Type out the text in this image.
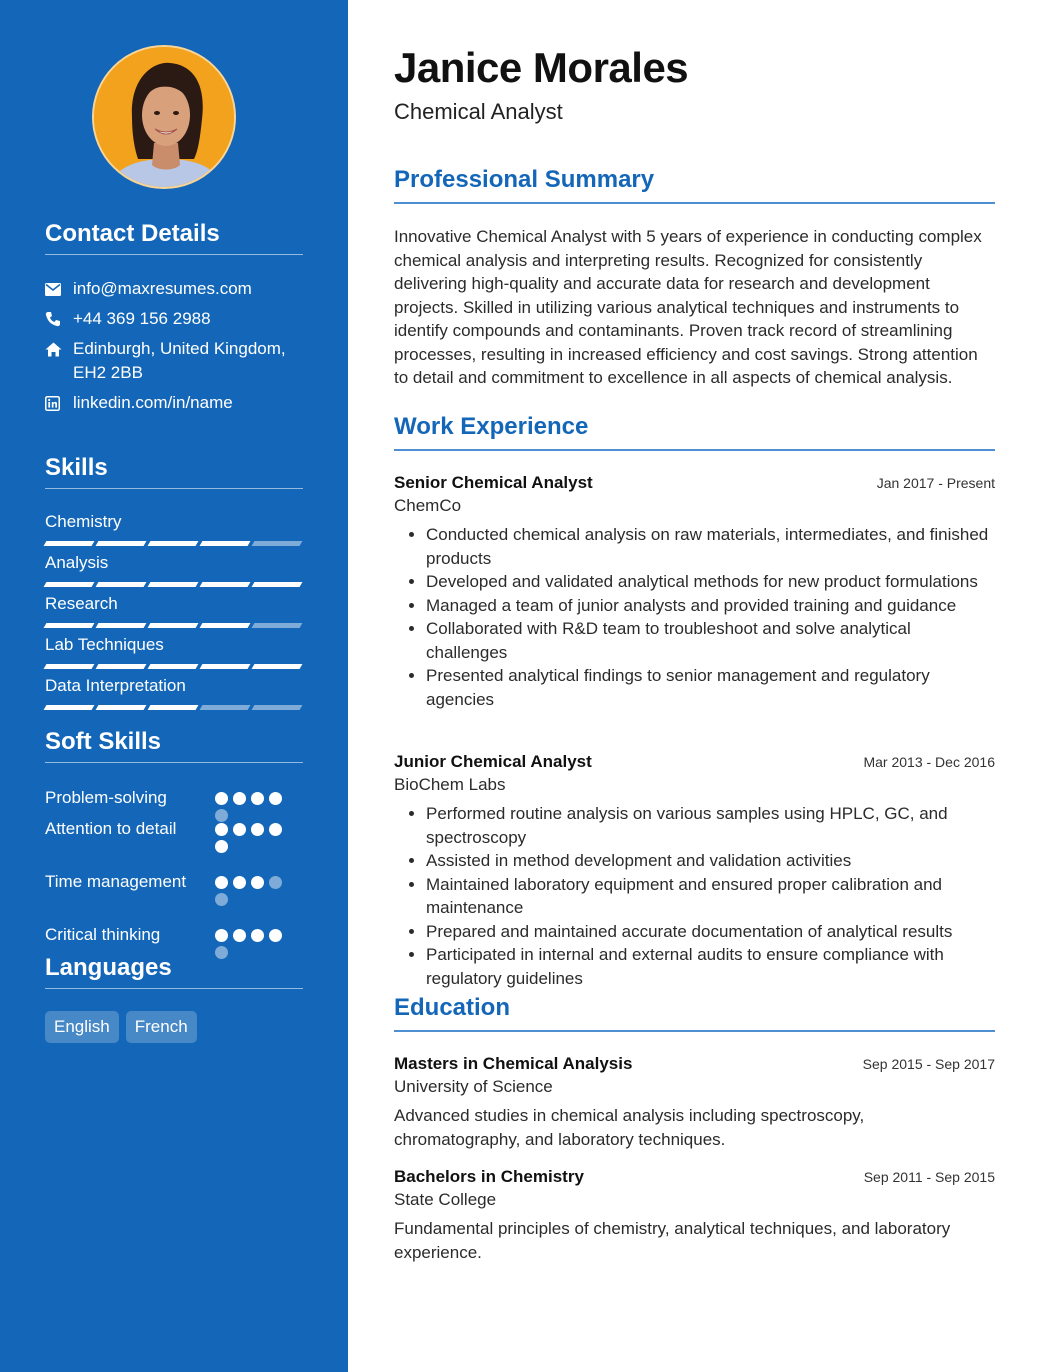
Contact Details
info@maxresumes.com
+44 369 156 2988
Edinburgh, United Kingdom, EH2 2BB
linkedin.com/in/name
Skills
Chemistry
Analysis
Research
Lab Techniques
Data Interpretation
Soft Skills
Problem-solving
Attention to detail
Time management
Critical thinking
Languages
English	French
Janice Morales
Chemical Analyst
Professional Summary
Innovative Chemical Analyst with 5 years of experience in conducting complex chemical analysis and interpreting results. Recognized for consistently delivering high-quality and accurate data for research and development projects. Skilled in utilizing various analytical techniques and instruments to identify compounds and contaminants. Proven track record of streamlining processes, resulting in increased efficiency and cost savings. Strong attention to detail and commitment to excellence in all aspects of chemical analysis.
Work Experience
Senior Chemical Analyst	Jan 2017 - Present
ChemCo
• Conducted chemical analysis on raw materials, intermediates, and finished products
• Developed and validated analytical methods for new product formulations
• Managed a team of junior analysts and provided training and guidance
• Collaborated with R&D team to troubleshoot and solve analytical challenges
• Presented analytical findings to senior management and regulatory agencies
Junior Chemical Analyst	Mar 2013 - Dec 2016
BioChem Labs
• Performed routine analysis on various samples using HPLC, GC, and spectroscopy
• Assisted in method development and validation activities
• Maintained laboratory equipment and ensured proper calibration and maintenance
• Prepared and maintained accurate documentation of analytical results
• Participated in internal and external audits to ensure compliance with regulatory guidelines
Education
Masters in Chemical Analysis	Sep 2015 - Sep 2017
University of Science
Advanced studies in chemical analysis including spectroscopy, chromatography, and laboratory techniques.
Bachelors in Chemistry	Sep 2011 - Sep 2015
State College
Fundamental principles of chemistry, analytical techniques, and laboratory experience.
